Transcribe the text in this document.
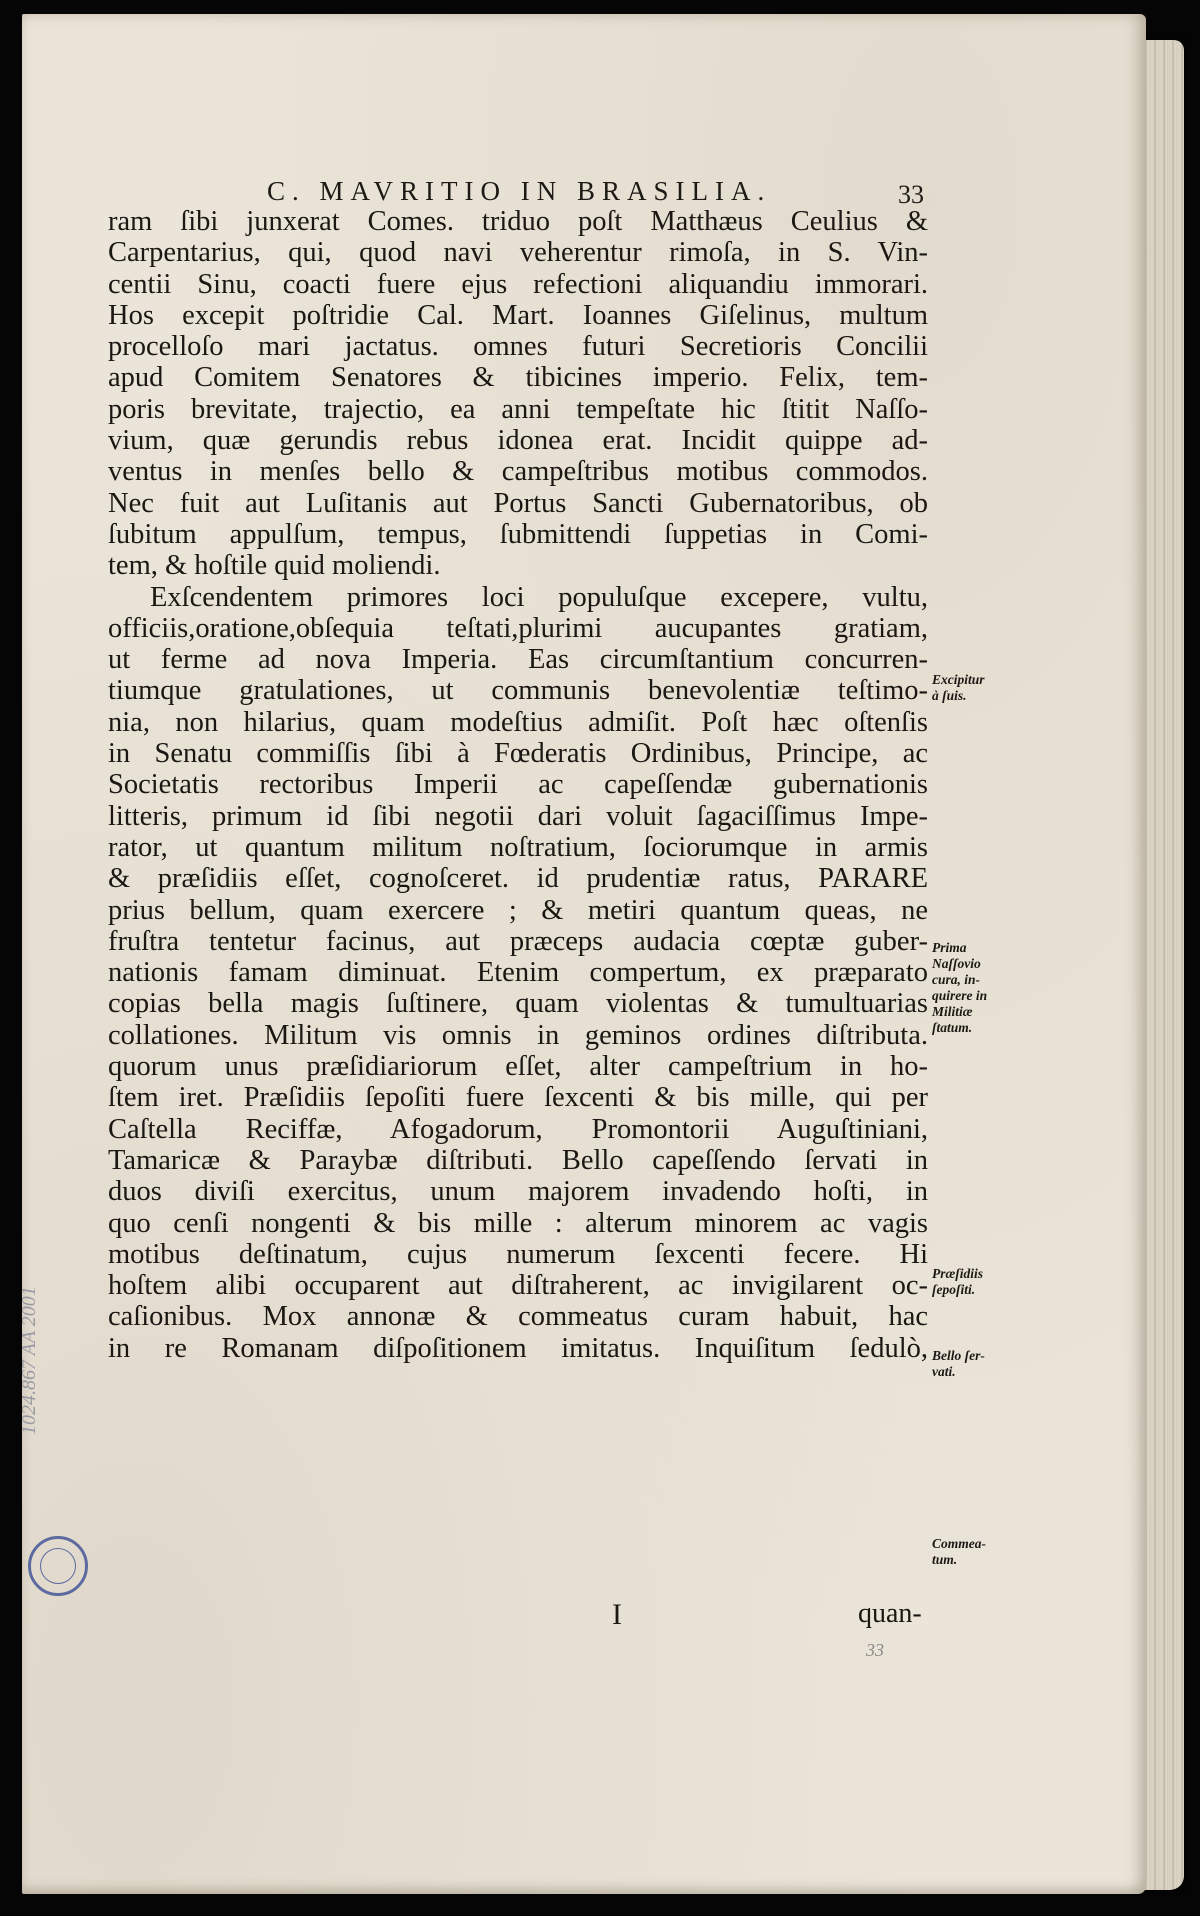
C. MAVRITIO IN BRASILIA.	33
ram ſibi junxerat Comes. triduo poſt Matthæus Ceulius &
Carpentarius, qui, quod navi veherentur rimoſa, in S. Vin-
centii Sinu, coacti fuere ejus refectioni aliquandiu immorari.
Hos excepit poſtridie Cal. Mart. Ioannes Giſelinus, multum
procelloſo mari jactatus. omnes futuri Secretioris Concilii
apud Comitem Senatores & tibicines imperio. Felix, tem-
poris brevitate, trajectio, ea anni tempeſtate hic ſtitit Naſſo-
vium, quæ gerundis rebus idonea erat. Incidit quippe ad-
ventus in menſes bello & campeſtribus motibus commodos.
Nec fuit aut Luſitanis aut Portus Sancti Gubernatoribus, ob
ſubitum appulſum, tempus, ſubmittendi ſuppetias in Comi-
tem, & hoſtile quid moliendi.
Exſcendentem primores loci populuſque excepere, vultu,
officiis,oratione,obſequia teſtati,plurimi aucupantes gratiam,
ut ferme ad nova Imperia. Eas circumſtantium concurren-
tiumque gratulationes, ut communis benevolentiæ teſtimo-
nia, non hilarius, quam modeſtius admiſit. Poſt hæc oſtenſis
in Senatu commiſſis ſibi à Fœderatis Ordinibus, Principe, ac
Societatis rectoribus Imperii ac capeſſendæ gubernationis
litteris, primum id ſibi negotii dari voluit ſagaciſſimus Impe-
rator, ut quantum militum noſtratium, ſociorumque in armis
& præſidiis eſſet, cognoſceret. id prudentiæ ratus, PARARE
prius bellum, quam exercere ; & metiri quantum queas, ne
fruſtra tentetur facinus, aut præceps audacia cœptæ guber-
nationis famam diminuat. Etenim compertum, ex præparato
copias bella magis ſuſtinere, quam violentas & tumultuarias
collationes. Militum vis omnis in geminos ordines diſtributa.
quorum unus præſidiariorum eſſet, alter campeſtrium in ho-
ſtem iret. Præſidiis ſepoſiti fuere ſexcenti & bis mille, qui per
Caſtella Reciffæ, Afogadorum, Promontorii Auguſtiniani,
Tamaricæ & Paraybæ diſtributi. Bello capeſſendo ſervati in
duos diviſi exercitus, unum majorem invadendo hoſti, in
quo cenſi nongenti & bis mille : alterum minorem ac vagis
motibus deſtinatum, cujus numerum ſexcenti fecere. Hi
hoſtem alibi occuparent aut diſtraherent, ac invigilarent oc-
caſionibus. Mox annonæ & commeatus curam habuit, hac
in re Romanam diſpoſitionem imitatus. Inquiſitum ſedulò,
Excipitur
à ſuis.
Prima
Naſſovio
cura, in-
quirere in
Militiæ
ſtatum.
Præſidiis
ſepoſiti.
Bello ſer-
vati.
Commea-
tum.
I	quan-
33
1024.867 AA 2001
